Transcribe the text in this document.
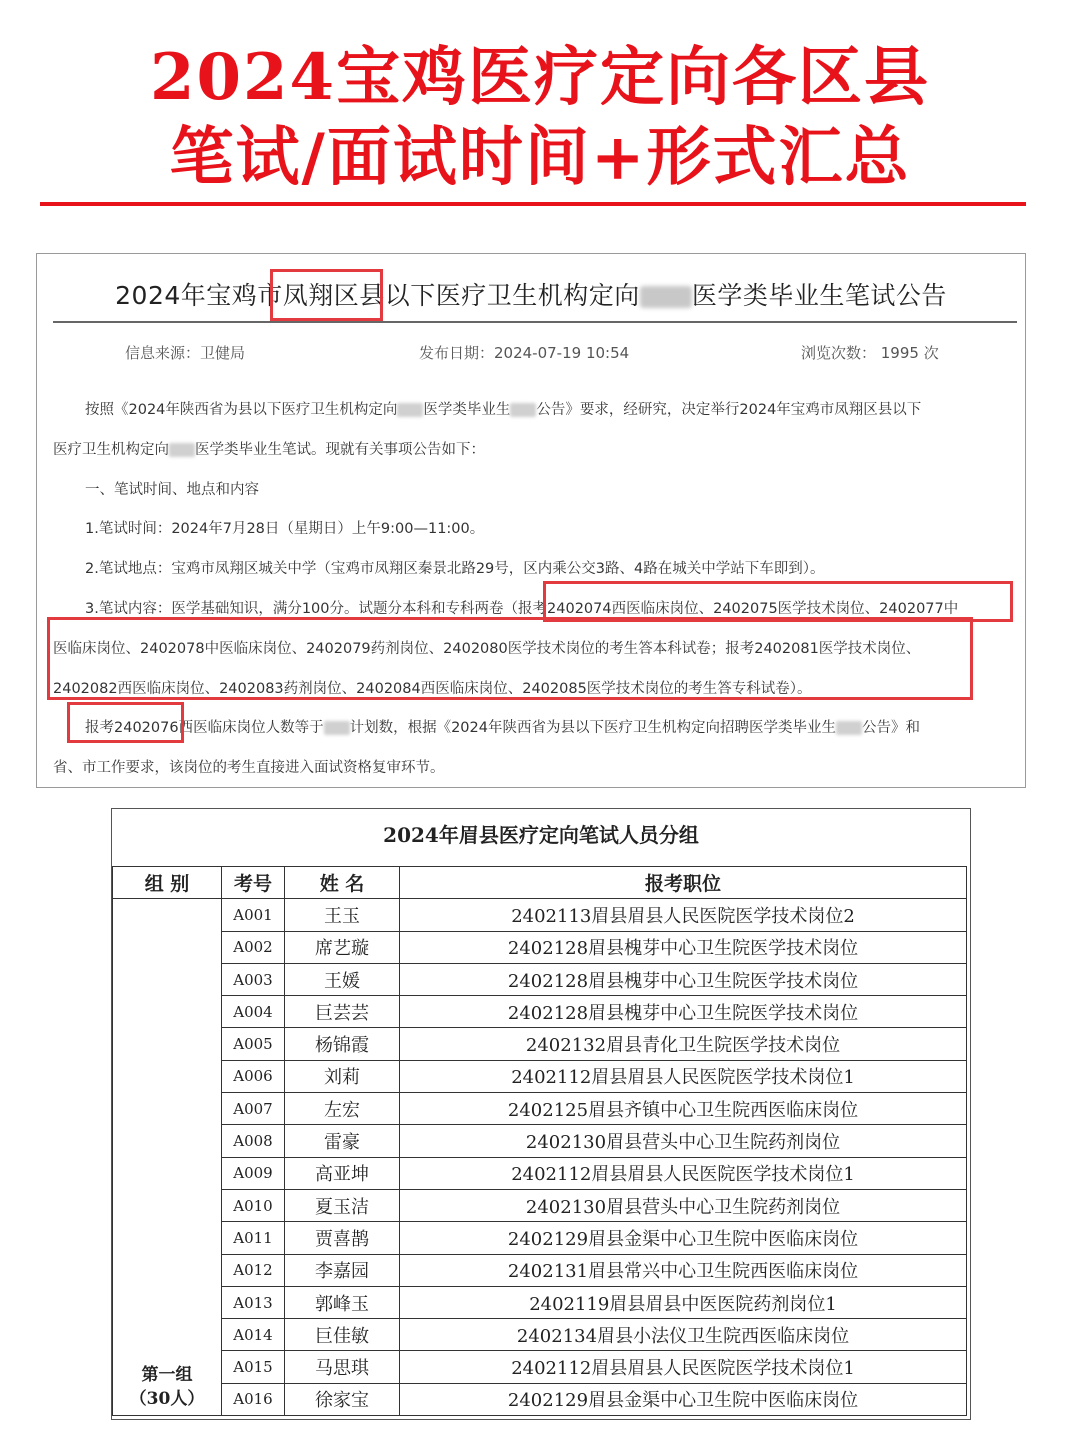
2024宝鸡医疗定向各区县
笔试/面试时间+形式汇总
2024年宝鸡市凤翔区县以下医疗卫生机构定向 医学类毕业生笔试公告
信息来源：卫健局	发布日期：2024-07-19 10:54	浏览次数： 1995 次
按照《2024年陕西省为县以下医疗卫生机构定向 医学类毕业生 公告》要求，经研究，决定举行2024年宝鸡市凤翔区县以下
医疗卫生机构定向 医学类毕业生笔试。现就有关事项公告如下：
一、笔试时间、地点和内容
1.笔试时间：2024年7月28日（星期日）上午9:00—11:00。
2.笔试地点：宝鸡市凤翔区城关中学（宝鸡市凤翔区秦景北路29号，区内乘公交3路、4路在城关中学站下车即到）。
3.笔试内容：医学基础知识，满分100分。试题分本科和专科两卷（报考2402074西医临床岗位、2402075医学技术岗位、2402077中
医临床岗位、2402078中医临床岗位、2402079药剂岗位、2402080医学技术岗位的考生答本科试卷；报考2402081医学技术岗位、
2402082西医临床岗位、2402083药剂岗位、2402084西医临床岗位、2402085医学技术岗位的考生答专科试卷）。
报考2402076西医临床岗位人数等于 计划数，根据《2024年陕西省为县以下医疗卫生机构定向招聘医学类毕业生 公告》和
省、市工作要求，该岗位的考生直接进入面试资格复审环节。
2024年眉县医疗定向笔试人员分组
组 别	考号	姓 名	报考职位

第一组
（30人）	A001	王玉	2402113眉县眉县人民医院医学技术岗位2
	A002	席艺璇	2402128眉县槐芽中心卫生院医学技术岗位
	A003	王媛	2402128眉县槐芽中心卫生院医学技术岗位
	A004	巨芸芸	2402128眉县槐芽中心卫生院医学技术岗位
	A005	杨锦霞	2402132眉县青化卫生院医学技术岗位
	A006	刘莉	2402112眉县眉县人民医院医学技术岗位1
	A007	左宏	2402125眉县齐镇中心卫生院西医临床岗位
	A008	雷豪	2402130眉县营头中心卫生院药剂岗位
	A009	高亚坤	2402112眉县眉县人民医院医学技术岗位1
	A010	夏玉洁	2402130眉县营头中心卫生院药剂岗位
	A011	贾喜鹊	2402129眉县金渠中心卫生院中医临床岗位
	A012	李嘉园	2402131眉县常兴中心卫生院西医临床岗位
	A013	郭峰玉	2402119眉县眉县中医医院药剂岗位1
	A014	巨佳敏	2402134眉县小法仪卫生院西医临床岗位
	A015	马思琪	2402112眉县眉县人民医院医学技术岗位1
	A016	徐家宝	2402129眉县金渠中心卫生院中医临床岗位
